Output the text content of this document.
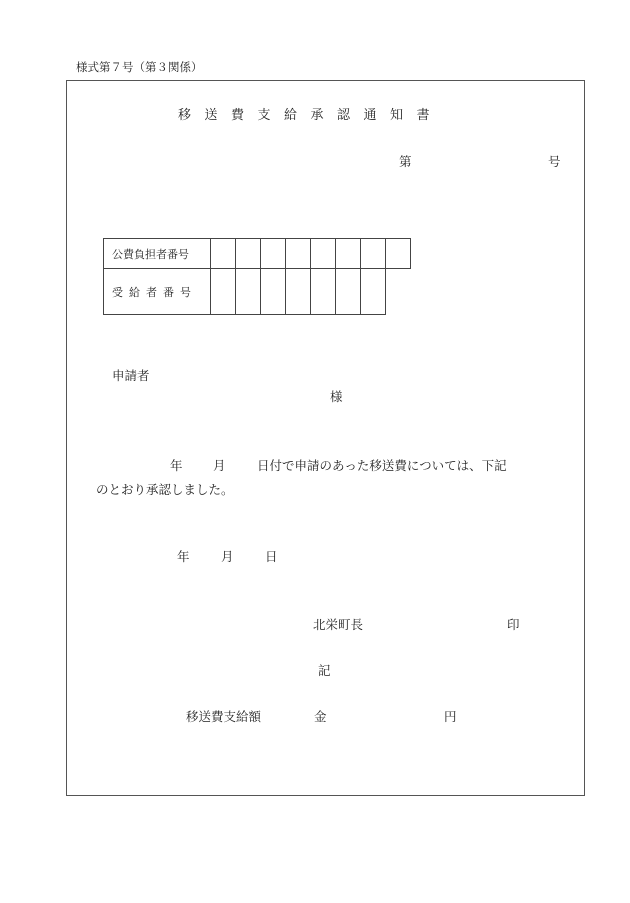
様式第７号（第３関係）
移送費支給承認通知書
第	号
公費負担者番号								
受給者番号								
申請者
様
年 月	日付で申請のあった移送費については、下記
のとおり承認しました。
年	月	日
北栄町長	印
記
移送費支給額	金	円
